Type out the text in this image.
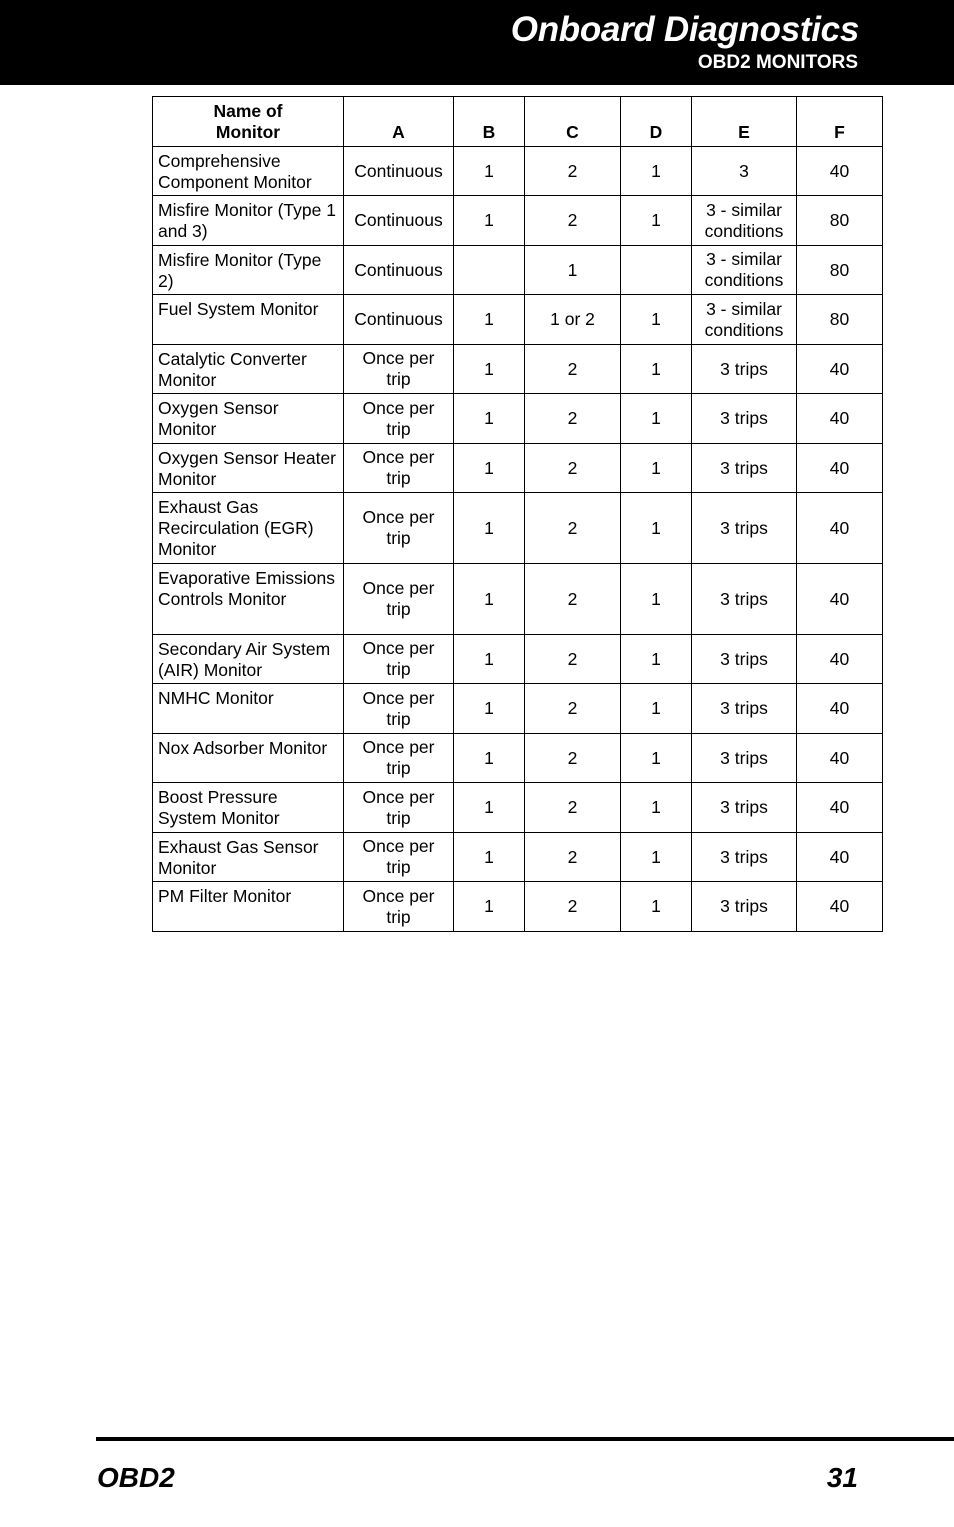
Onboard Diagnostics
OBD2 MONITORS
Name of
Monitor	A	B	C	D	E	F
Comprehensive Component Monitor	Continuous	1	2	1	3	40
Misfire Monitor (Type 1 and 3)	Continuous	1	2	1	3 - similar conditions	80
Misfire Monitor (Type 2)	Continuous		1		3 - similar conditions	80
Fuel System Monitor	Continuous	1	1 or 2	1	3 - similar conditions	80
Catalytic Converter Monitor	Once per trip	1	2	1	3 trips	40
Oxygen Sensor Monitor	Once per trip	1	2	1	3 trips	40
Oxygen Sensor Heater Monitor	Once per trip	1	2	1	3 trips	40
Exhaust Gas Recirculation (EGR) Monitor	Once per trip	1	2	1	3 trips	40
Evaporative Emissions Controls Monitor	Once per trip	1	2	1	3 trips	40
Secondary Air System (AIR) Monitor	Once per trip	1	2	1	3 trips	40
NMHC Monitor	Once per trip	1	2	1	3 trips	40
Nox Adsorber Monitor	Once per trip	1	2	1	3 trips	40
Boost Pressure System Monitor	Once per trip	1	2	1	3 trips	40
Exhaust Gas Sensor Monitor	Once per trip	1	2	1	3 trips	40
PM Filter Monitor	Once per trip	1	2	1	3 trips	40
OBD2	31
